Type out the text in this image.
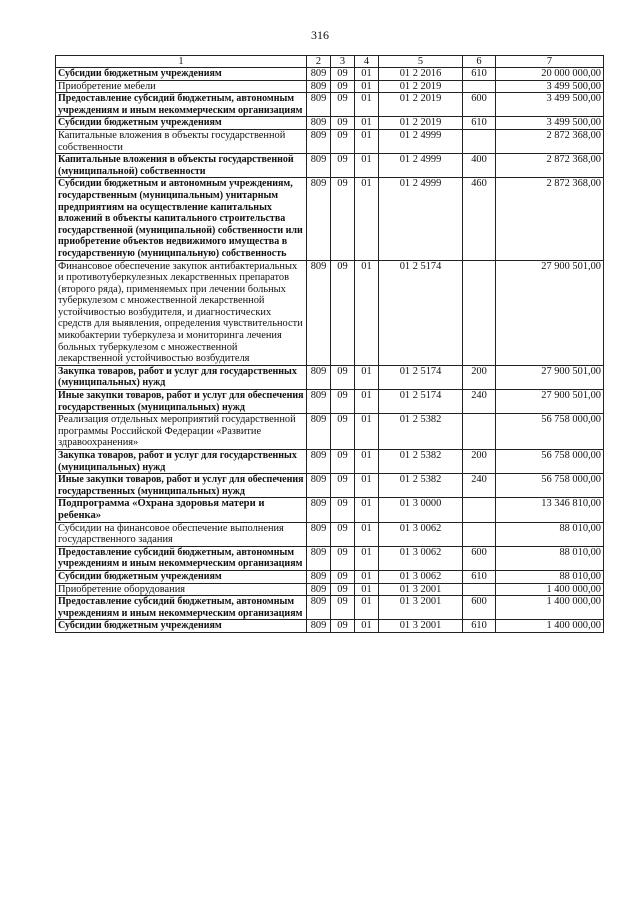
316
1	2	3	4	5	6	7
Субсидии бюджетным учреждениям	809	09	01	01 2 2016	610	20 000 000,00
Приобретение мебели	809	09	01	01 2 2019		3 499 500,00
Предоставление субсидий бюджетным, автономным учреждениям и иным некоммерческим организациям	809	09	01	01 2 2019	600	3 499 500,00
Субсидии бюджетным учреждениям	809	09	01	01 2 2019	610	3 499 500,00
Капитальные вложения в объекты государственной собственности	809	09	01	01 2 4999		2 872 368,00
Капитальные вложения в объекты государственной (муниципальной) собственности	809	09	01	01 2 4999	400	2 872 368,00
Субсидии бюджетным и автономным учреждениям, государственным (муниципальным) унитарным предприятиям на осуществление капитальных вложений в объекты капитального строительства государственной (муниципальной) собственности или приобретение объектов недвижимого имущества в государственную (муниципальную) собственность	809	09	01	01 2 4999	460	2 872 368,00
Финансовое обеспечение закупок антибактериальных и противотуберкулезных лекарственных препаратов (второго ряда), применяемых при лечении больных туберкулезом с множественной лекарственной устойчивостью возбудителя, и диагностических средств для выявления, определения чувствительности микобактерии туберкулеза и мониторинга лечения больных туберкулезом с множественной лекарственной устойчивостью возбудителя	809	09	01	01 2 5174		27 900 501,00
Закупка товаров, работ и услуг для государственных (муниципальных) нужд	809	09	01	01 2 5174	200	27 900 501,00
Иные закупки товаров, работ и услуг для обеспечения государственных (муниципальных) нужд	809	09	01	01 2 5174	240	27 900 501,00
Реализация отдельных мероприятий государственной программы Российской Федерации «Развитие здравоохранения»	809	09	01	01 2 5382		56 758 000,00
Закупка товаров, работ и услуг для государственных (муниципальных) нужд	809	09	01	01 2 5382	200	56 758 000,00
Иные закупки товаров, работ и услуг для обеспечения государственных (муниципальных) нужд	809	09	01	01 2 5382	240	56 758 000,00
Подпрограмма «Охрана здоровья матери и ребенка»	809	09	01	01 3 0000		13 346 810,00
Субсидии на финансовое обеспечение выполнения государственного задания	809	09	01	01 3 0062		88 010,00
Предоставление субсидий бюджетным, автономным учреждениям и иным некоммерческим организациям	809	09	01	01 3 0062	600	88 010,00
Субсидии бюджетным учреждениям	809	09	01	01 3 0062	610	88 010,00
Приобретение оборудования	809	09	01	01 3 2001		1 400 000,00
Предоставление субсидий бюджетным, автономным учреждениям и иным некоммерческим организациям	809	09	01	01 3 2001	600	1 400 000,00
Субсидии бюджетным учреждениям	809	09	01	01 3 2001	610	1 400 000,00
